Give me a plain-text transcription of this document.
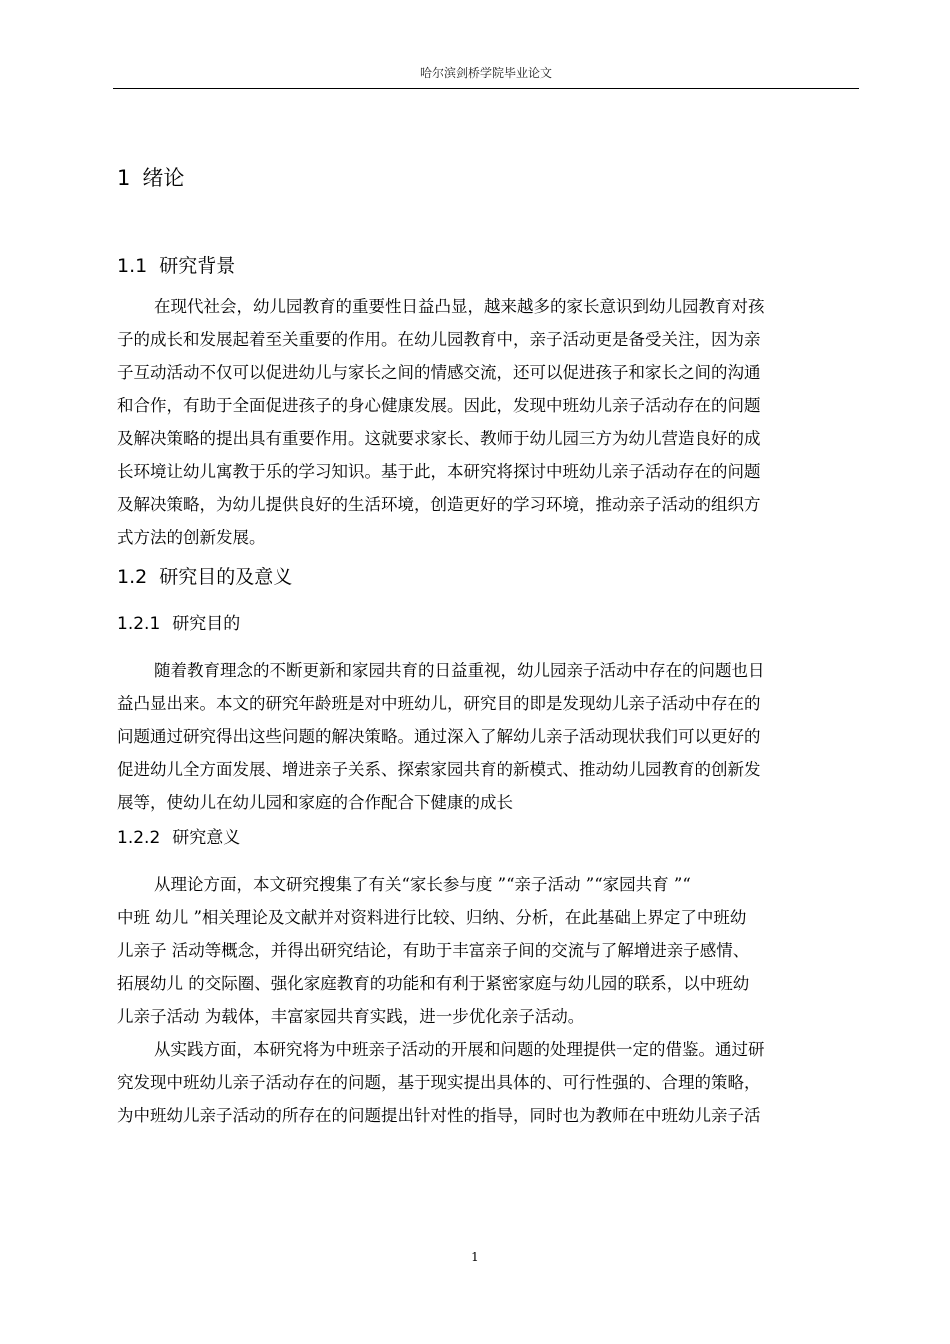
哈尔滨剑桥学院毕业论文
1 绪论
1.1 研究背景
在现代社会，幼儿园教育的重要性日益凸显，越来越多的家长意识到幼儿园教育对孩
子的成长和发展起着至关重要的作用。在幼儿园教育中，亲子活动更是备受关注，因为亲
子互动活动不仅可以促进幼儿与家长之间的情感交流，还可以促进孩子和家长之间的沟通
和合作，有助于全面促进孩子的身心健康发展。因此，发现中班幼儿亲子活动存在的问题
及解决策略的提出具有重要作用。这就要求家长、教师于幼儿园三方为幼儿营造良好的成
长环境让幼儿寓教于乐的学习知识。基于此，本研究将探讨中班幼儿亲子活动存在的问题
及解决策略，为幼儿提供良好的生活环境，创造更好的学习环境，推动亲子活动的组织方
式方法的创新发展。
1.2 研究目的及意义
1.2.1 研究目的
随着教育理念的不断更新和家园共育的日益重视，幼儿园亲子活动中存在的问题也日
益凸显出来。本文的研究年龄班是对中班幼儿，研究目的即是发现幼儿亲子活动中存在的
问题通过研究得出这些问题的解决策略。通过深入了解幼儿亲子活动现状我们可以更好的
促进幼儿全方面发展、增进亲子关系、探索家园共育的新模式、推动幼儿园教育的创新发
展等，使幼儿在幼儿园和家庭的合作配合下健康的成长
1.2.2 研究意义
从理论方面，本文研究搜集了有关“家长参与度 ”“亲子活动 ”“家园共育 ”“
中班 幼儿 ”相关理论及文献并对资料进行比较、归纳、分析，在此基础上界定了中班幼
儿亲子 活动等概念，并得出研究结论，有助于丰富亲子间的交流与了解增进亲子感情、
拓展幼儿 的交际圈、强化家庭教育的功能和有利于紧密家庭与幼儿园的联系，以中班幼
儿亲子活动 为载体，丰富家园共育实践，进一步优化亲子活动。
从实践方面，本研究将为中班亲子活动的开展和问题的处理提供一定的借鉴。通过研
究发现中班幼儿亲子活动存在的问题，基于现实提出具体的、可行性强的、合理的策略，
为中班幼儿亲子活动的所存在的问题提出针对性的指导，同时也为教师在中班幼儿亲子活
1
